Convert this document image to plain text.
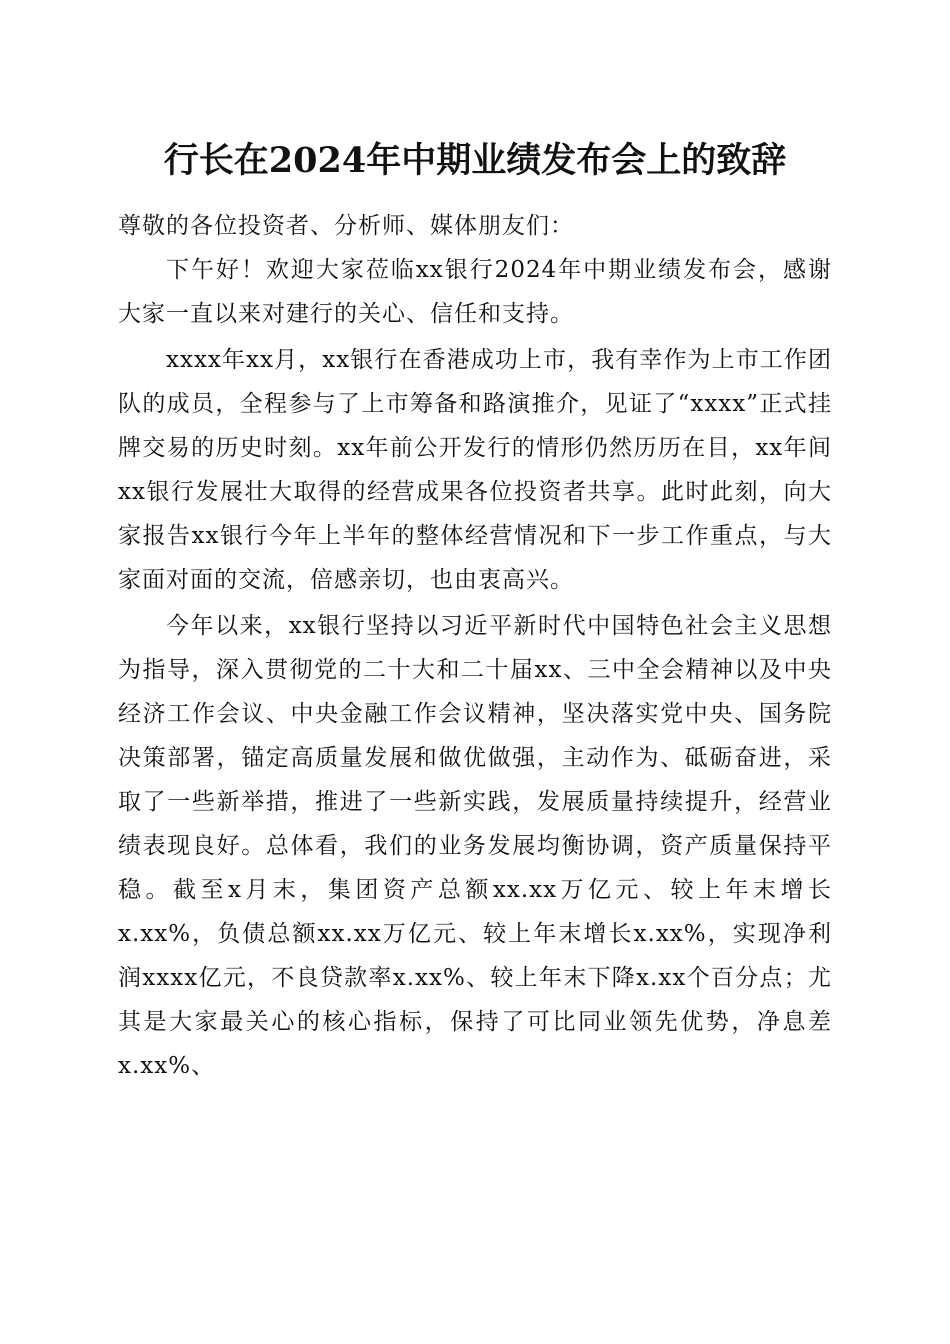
行长在2024年中期业绩发布会上的致辞

尊敬的各位投资者、分析师、媒体朋友们：

下午好！欢迎大家莅临xx银行2024年中期业绩发布会，感谢大家一直以来对建行的关心、信任和支持。

xxxx年xx月，xx银行在香港成功上市，我有幸作为上市工作团队的成员，全程参与了上市筹备和路演推介，见证了“xxxx”正式挂牌交易的历史时刻。xx年前公开发行的情形仍然历历在目，xx年间xx银行发展壮大取得的经营成果各位投资者共享。此时此刻，向大家报告xx银行今年上半年的整体经营情况和下一步工作重点，与大家面对面的交流，倍感亲切，也由衷高兴。

今年以来，xx银行坚持以习近平新时代中国特色社会主义思想为指导，深入贯彻党的二十大和二十届xx、三中全会精神以及中央经济工作会议、中央金融工作会议精神，坚决落实党中央、国务院决策部署，锚定高质量发展和做优做强，主动作为、砥砺奋进，采取了一些新举措，推进了一些新实践，发展质量持续提升，经营业绩表现良好。总体看，我们的业务发展均衡协调，资产质量保持平稳。截至x月末，集团资产总额xx.xx万亿元、较上年末增长x.xx%，负债总额xx.xx万亿元、较上年末增长x.xx%，实现净利润xxxx亿元，不良贷款率x.xx%、较上年末下降x.xx个百分点；尤其是大家最关心的核心指标，保持了可比同业领先优势，净息差x.xx%、
